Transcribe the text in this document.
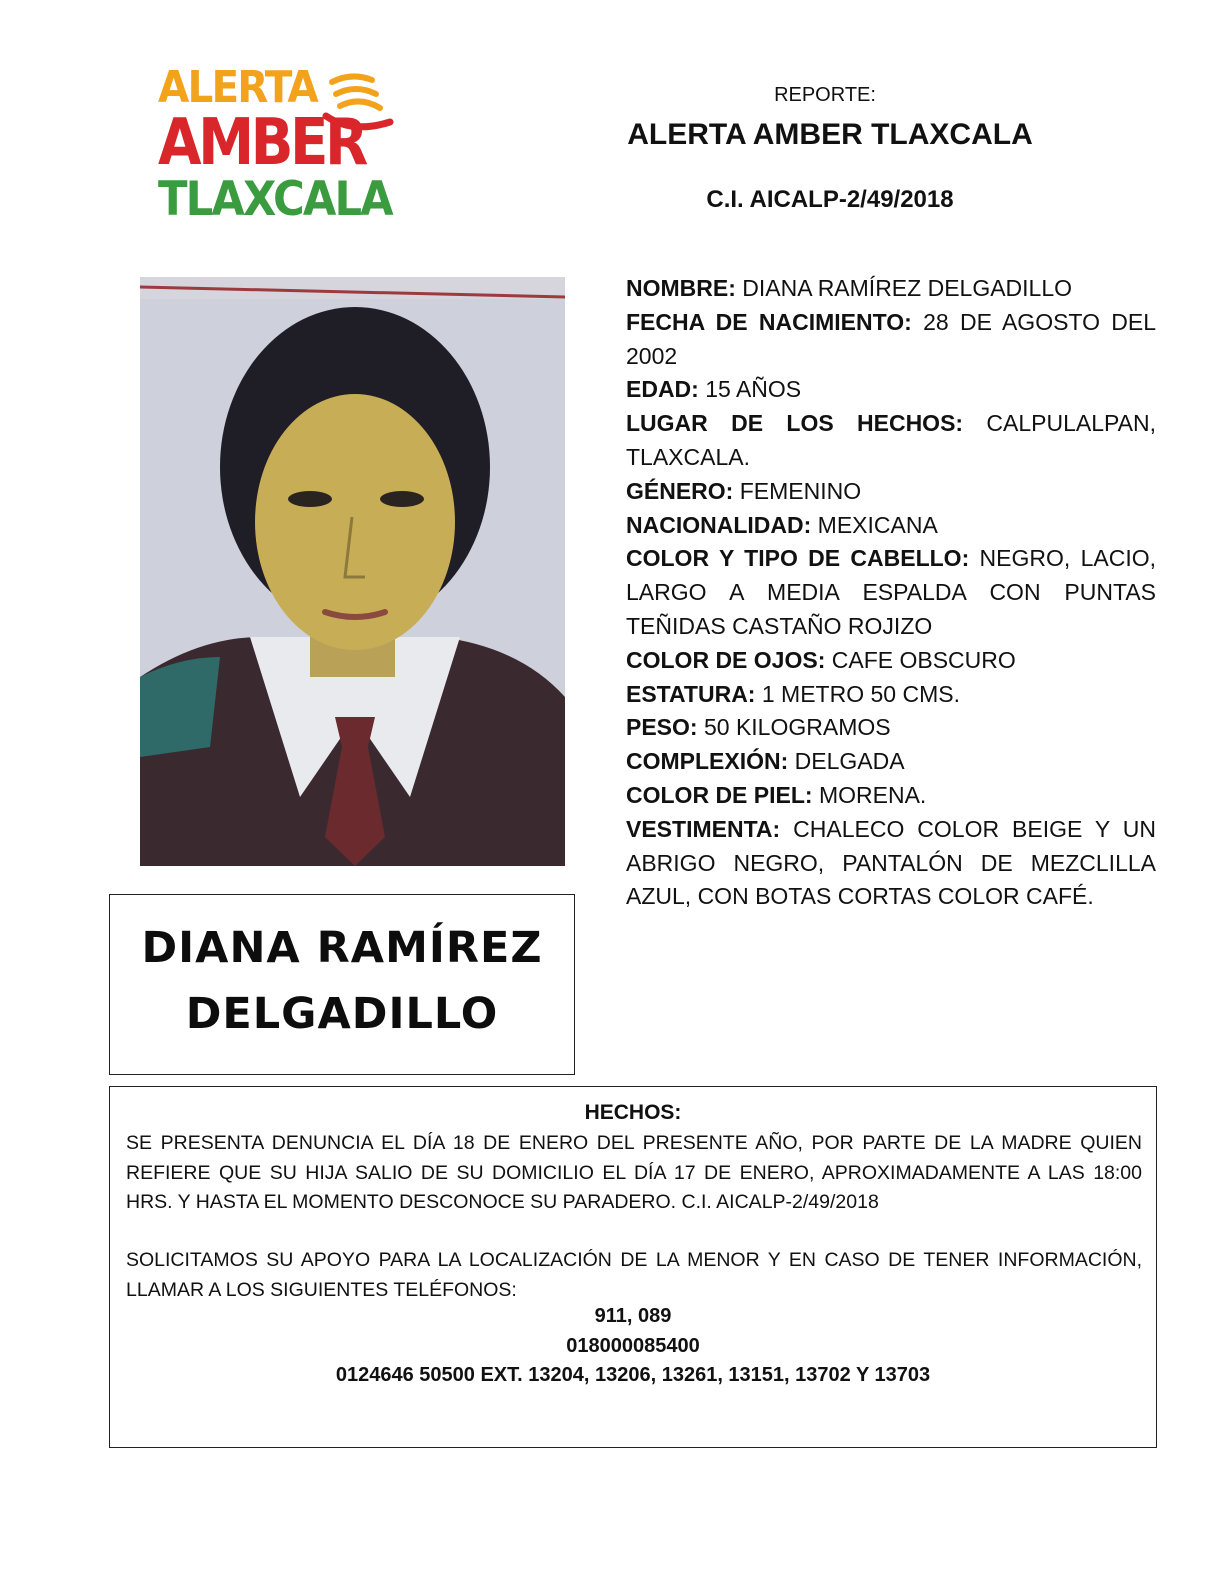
ALERTA
AMBER
TLAXCALA
REPORTE:
ALERTA AMBER TLAXCALA
C.I. AICALP-2/49/2018
DIANA RAMÍREZ
DELGADILLO

NOMBRE: DIANA RAMÍREZ DELGADILLO

FECHA DE NACIMIENTO: 28 DE AGOSTO DEL 2002

EDAD: 15 AÑOS

LUGAR DE LOS HECHOS: CALPULALPAN, TLAXCALA.

GÉNERO: FEMENINO

NACIONALIDAD: MEXICANA

COLOR Y TIPO DE CABELLO: NEGRO, LACIO, LARGO A MEDIA ESPALDA CON PUNTAS TEÑIDAS CASTAÑO ROJIZO

COLOR DE OJOS: CAFE OBSCURO

ESTATURA: 1 METRO 50 CMS.

PESO: 50 KILOGRAMOS

COMPLEXIÓN: DELGADA

COLOR DE PIEL: MORENA.

VESTIMENTA: CHALECO COLOR BEIGE Y UN ABRIGO NEGRO, PANTALÓN DE MEZCLILLA AZUL, CON BOTAS CORTAS COLOR CAFÉ.

HECHOS:

SE PRESENTA DENUNCIA EL DÍA 18 DE ENERO DEL PRESENTE AÑO, POR PARTE DE LA MADRE QUIEN REFIERE QUE SU HIJA SALIO DE SU DOMICILIO EL DÍA 17 DE ENERO, APROXIMADAMENTE A LAS 18:00 HRS. Y HASTA EL MOMENTO DESCONOCE SU PARADERO. C.I. AICALP-2/49/2018

SOLICITAMOS SU APOYO PARA LA LOCALIZACIÓN DE LA MENOR Y EN CASO DE TENER INFORMACIÓN, LLAMAR A LOS SIGUIENTES TELÉFONOS:

911, 089
018000085400
0124646 50500 EXT. 13204, 13206, 13261, 13151, 13702 Y 13703
